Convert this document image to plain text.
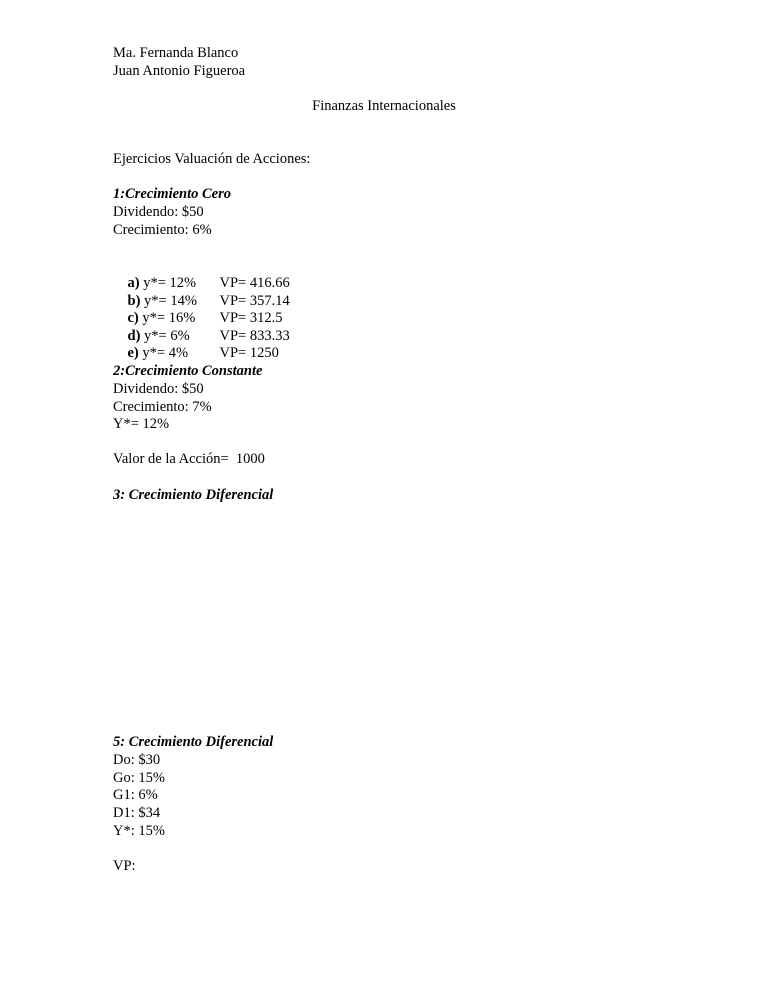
Ma. Fernanda Blanco
Juan Antonio Figueroa
Finanzas Internacionales
Ejercicios Valuación de Acciones:
1:Crecimiento Cero
Dividendo: $50
Crecimiento: 6%

a) y*= 12% VP= 416.66

b) y*= 14% VP= 357.14

c) y*= 16% VP= 312.5

d) y*= 6% VP= 833.33

e) y*= 4% VP= 1250

2:Crecimiento Constante
Dividendo: $50
Crecimiento: 7%
Y*= 12%
Valor de la Acción=  1000
3: Crecimiento Diferencial
5: Crecimiento Diferencial
Do: $30
Go: 15%
G1: 6%
D1: $34
Y*: 15%
VP:
